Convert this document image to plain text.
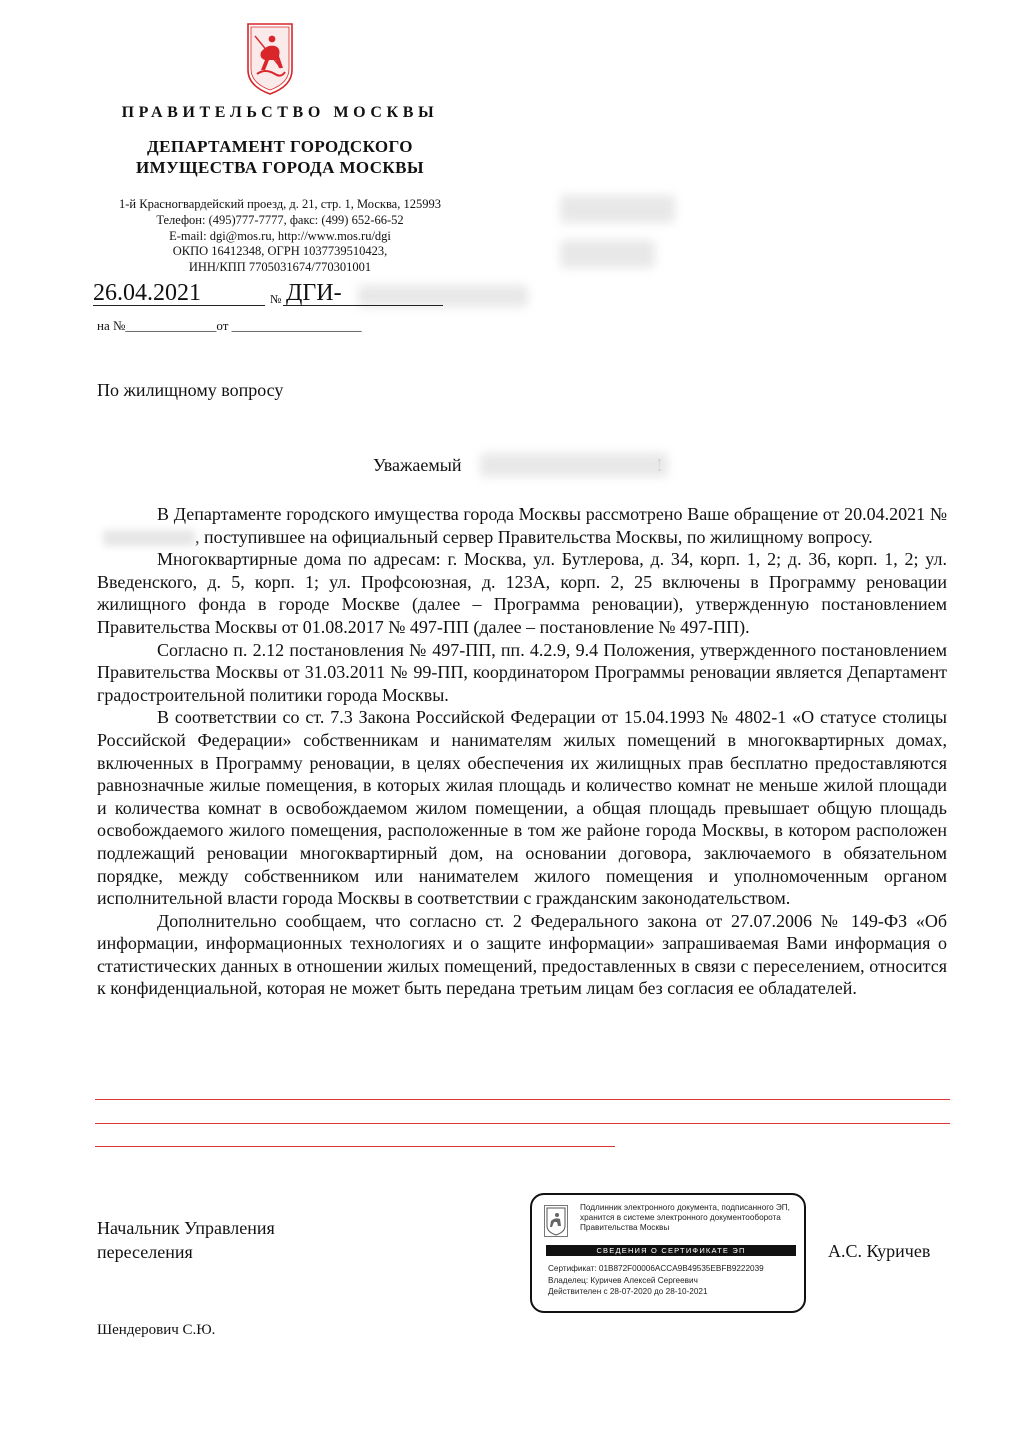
ПРАВИТЕЛЬСТВО МОСКВЫ
ДЕПАРТАМЕНТ ГОРОДСКОГО
ИМУЩЕСТВА ГОРОДА МОСКВЫ
1-й Красногвардейский проезд, д. 21, стр. 1, Москва, 125993
Телефон: (495)777-7777, факс: (499) 652-66-52
E-mail: dgi@mos.ru, http://www.mos.ru/dgi
ОКПО 16412348, ОГРН 1037739510423,
ИНН/КПП 7705031674/770301001
26.04.2021	№ ДГИ-
на №______________от ____________________
По жилищному вопросу
Уважаемый

В Департаменте городского имущества города Москвы рассмотрено Ваше обращение от 20.04.2021 №, поступившее на официальный сервер Правительства Москвы, по жилищному вопросу.

Многоквартирные дома по адресам: г. Москва, ул. Бутлерова, д. 34, корп. 1, 2; д. 36, корп. 1, 2; ул. Введенского, д. 5, корп. 1; ул. Профсоюзная, д. 123А, корп. 2, 25 включены в Программу реновации жилищного фонда в городе Москве (далее – Программа реновации), утвержденную постановлением Правительства Москвы от 01.08.2017 № 497-ПП (далее – постановление № 497-ПП).

Согласно п. 2.12 постановления № 497-ПП, пп. 4.2.9, 9.4 Положения, утвержденного постановлением Правительства Москвы от 31.03.2011 № 99-ПП, координатором Программы реновации является Департамент градостроительной политики города Москвы.

В соответствии со ст. 7.3 Закона Российской Федерации от 15.04.1993 № 4802-1 «О статусе столицы Российской Федерации» собственникам и нанимателям жилых помещений в многоквартирных домах, включенных в Программу реновации, в целях обеспечения их жилищных прав бесплатно предоставляются равнозначные жилые помещения, в которых жилая площадь и количество комнат не меньше жилой площади и количества комнат в освобождаемом жилом помещении, а общая площадь превышает общую площадь освобождаемого жилого помещения, расположенные в том же районе города Москвы, в котором расположен подлежащий реновации многоквартирный дом, на основании договора, заключаемого в обязательном порядке, между собственником или нанимателем жилого помещения и уполномоченным органом исполнительной власти города Москвы в соответствии с гражданским законодательством.

Дополнительно сообщаем, что согласно ст. 2 Федерального закона от 27.07.2006 № 149-ФЗ «Об информации, информационных технологиях и о защите информации» запрашиваемая Вами информация о статистических данных в отношении жилых помещений, предоставленных в связи с переселением, относится к конфиденциальной, которая не может быть передана третьим лицам без согласия ее обладателей.

Начальник Управления
переселения
Подлинник электронного документа, подписанного ЭП,
хранится в системе электронного документооборота
Правительства Москвы
СВЕДЕНИЯ О СЕРТИФИКАТЕ ЭП
Сертификат: 01B872F00006ACCA9B49535EBFB9222039
Владелец: Куричев Алексей Сергеевич
Действителен с 28-07-2020 до 28-10-2021
А.С. Куричев
Шендерович С.Ю.
